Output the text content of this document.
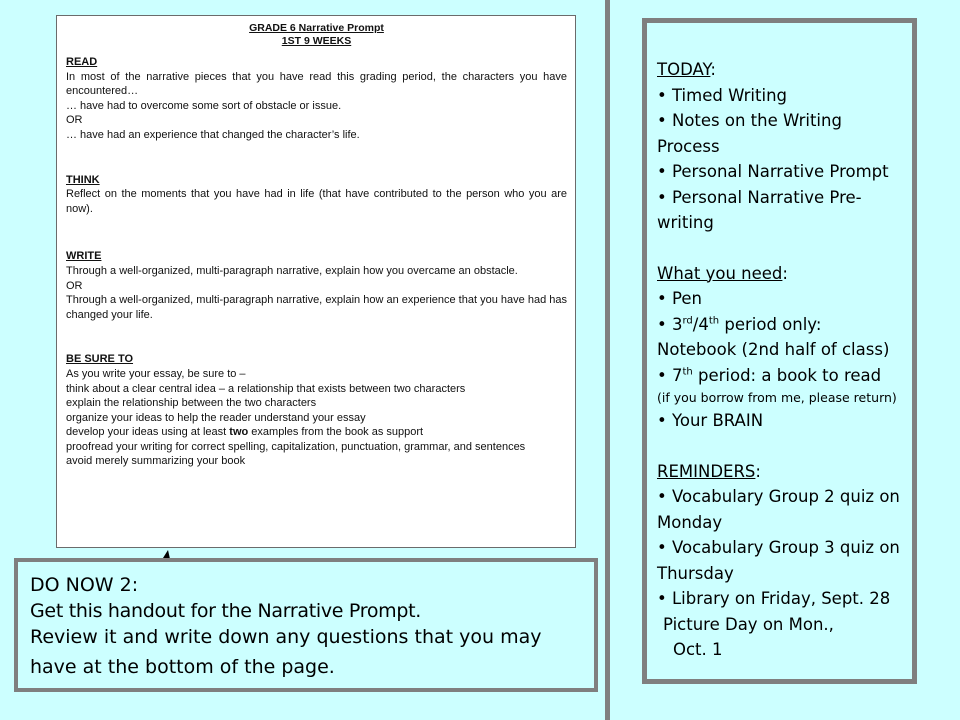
GRADE 6 Narrative Prompt
1ST 9 WEEKS
READ

In most of the narrative pieces that you have read this grading period, the characters you have encountered…

… have had to overcome some sort of obstacle or issue.

OR

… have had an experience that changed the character’s life.

THINK

Reflect on the moments that you have had in life (that have contributed to the person who you are now).

WRITE

Through a well-organized, multi-paragraph narrative, explain how you overcame an obstacle.

OR

Through a well-organized, multi-paragraph narrative, explain how an experience that you have had has changed your life.

BE SURE TO

As you write your essay, be sure to –

think about a clear central idea – a relationship that exists between two characters

explain the relationship between the two characters

organize your ideas to help the reader understand your essay

develop your ideas using at least two examples from the book as support

proofread your writing for correct spelling, capitalization, punctuation, grammar, and sentences

avoid merely summarizing your book

DO NOW 2:
Get this handout for the Narrative Prompt.
Review it and write down any questions that you may
have at the bottom of the page.
TODAY:
• Timed Writing
• Notes on the Writing Process
• Personal Narrative Prompt
• Personal Narrative Pre-writing
What you need:
• Pen
• 3rd/4th period only: Notebook (2nd half of class)
• 7th period: a book to read
(if you borrow from me, please return)
• Your BRAIN
REMINDERS:
• Vocabulary Group 2 quiz on Monday
• Vocabulary Group 3 quiz on Thursday
• Library on Friday, Sept. 28
Picture Day on Mon.,
Oct. 1
